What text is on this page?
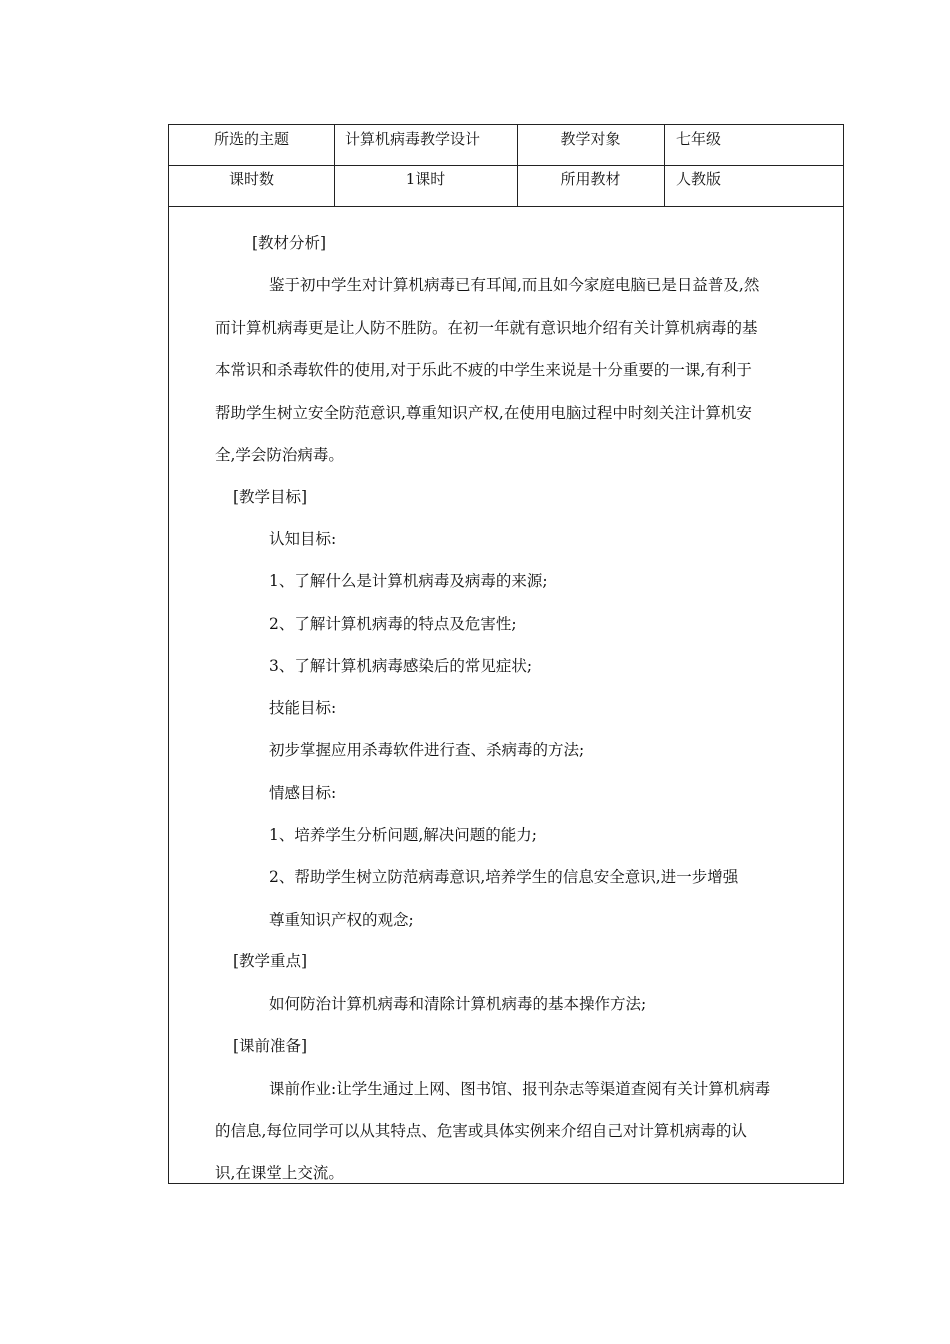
所选的主题	计算机病毒教学设计	教学对象	七年级
课时数	1课时	所用教材	人教版
[教材分析]
鉴于初中学生对计算机病毒已有耳闻,而且如今家庭电脑已是日益普及,然
而计算机病毒更是让人防不胜防。在初一年就有意识地介绍有关计算机病毒的基
本常识和杀毒软件的使用,对于乐此不疲的中学生来说是十分重要的一课,有利于
帮助学生树立安全防范意识,尊重知识产权,在使用电脑过程中时刻关注计算机安
全,学会防治病毒。
[教学目标]
认知目标:
1、了解什么是计算机病毒及病毒的来源;
2、了解计算机病毒的特点及危害性;
3、了解计算机病毒感染后的常见症状;
技能目标:
初步掌握应用杀毒软件进行查、杀病毒的方法;
情感目标:
1、培养学生分析问题,解决问题的能力;
2、帮助学生树立防范病毒意识,培养学生的信息安全意识,进一步增强
尊重知识产权的观念;
[教学重点]
如何防治计算机病毒和清除计算机病毒的基本操作方法;
[课前准备]
课前作业:让学生通过上网、图书馆、报刊杂志等渠道查阅有关计算机病毒
的信息,每位同学可以从其特点、危害或具体实例来介绍自己对计算机病毒的认
识,在课堂上交流。
